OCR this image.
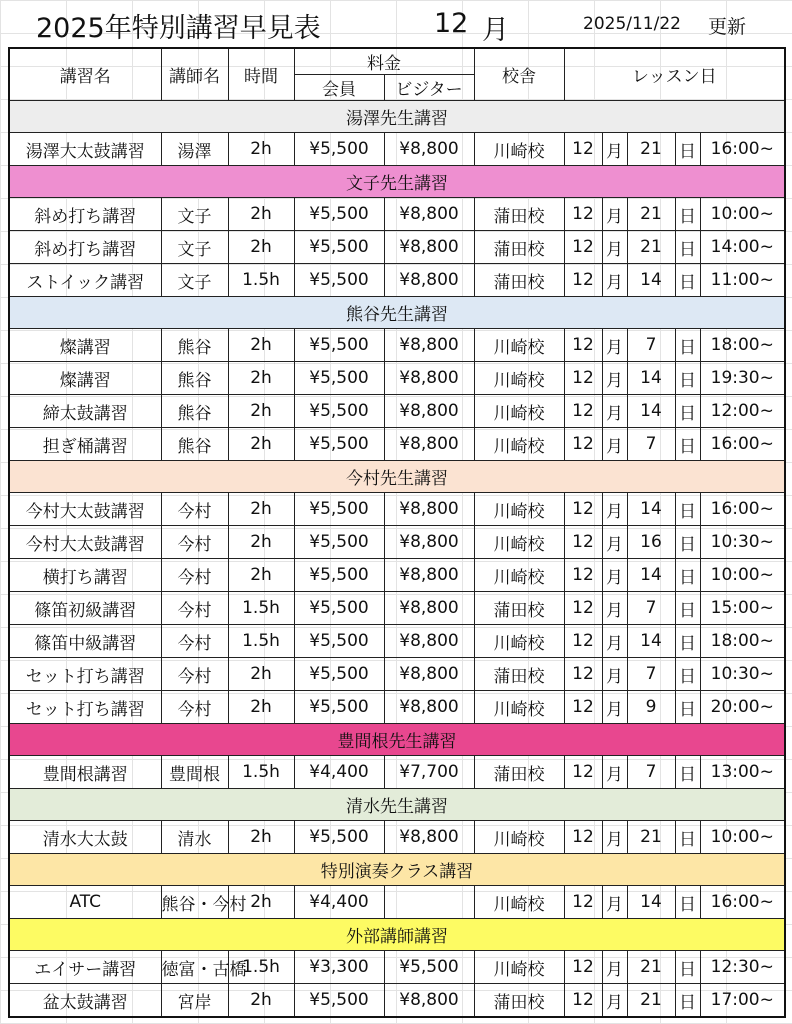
2025年特別講習早見表	12 月	2025/11/22 更新
講習名	講師名	時間	料金		校舎	レッスン日				
			会員	ビジター						
湯澤先生講習										
湯澤大太鼓講習	湯澤	2h	¥5,500	¥8,800	川崎校	12	月	21	日	16:00~
文子先生講習										
斜め打ち講習	文子	2h	¥5,500	¥8,800	蒲田校	12	月	21	日	10:00~
斜め打ち講習	文子	2h	¥5,500	¥8,800	蒲田校	12	月	21	日	14:00~
ストイック講習	文子	1.5h	¥5,500	¥8,800	蒲田校	12	月	14	日	11:00~
熊谷先生講習										
燦講習	熊谷	2h	¥5,500	¥8,800	川崎校	12	月	7	日	18:00~
燦講習	熊谷	2h	¥5,500	¥8,800	川崎校	12	月	14	日	19:30~
締太鼓講習	熊谷	2h	¥5,500	¥8,800	川崎校	12	月	14	日	12:00~
担ぎ桶講習	熊谷	2h	¥5,500	¥8,800	川崎校	12	月	7	日	16:00~
今村先生講習										
今村大太鼓講習	今村	2h	¥5,500	¥8,800	川崎校	12	月	14	日	16:00~
今村大太鼓講習	今村	2h	¥5,500	¥8,800	川崎校	12	月	16	日	10:30~
横打ち講習	今村	2h	¥5,500	¥8,800	川崎校	12	月	14	日	10:00~
篠笛初級講習	今村	1.5h	¥5,500	¥8,800	蒲田校	12	月	7	日	15:00~
篠笛中級講習	今村	1.5h	¥5,500	¥8,800	川崎校	12	月	14	日	18:00~
セット打ち講習	今村	2h	¥5,500	¥8,800	蒲田校	12	月	7	日	10:30~
セット打ち講習	今村	2h	¥5,500	¥8,800	川崎校	12	月	9	日	20:00~
豊間根先生講習										
豊間根講習	豊間根	1.5h	¥4,400	¥7,700	蒲田校	12	月	7	日	13:00~
清水先生講習										
清水大太鼓	清水	2h	¥5,500	¥8,800	川崎校	12	月	21	日	10:00~
特別演奏クラス講習										
ATC	熊谷・今村	2h	¥4,400		川崎校	12	月	14	日	16:00~
外部講師講習										
エイサー講習	徳富・古橋	1.5h	¥3,300	¥5,500	川崎校	12	月	21	日	12:30~
盆太鼓講習	宮岸	2h	¥5,500	¥8,800	蒲田校	12	月	21	日	17:00~
